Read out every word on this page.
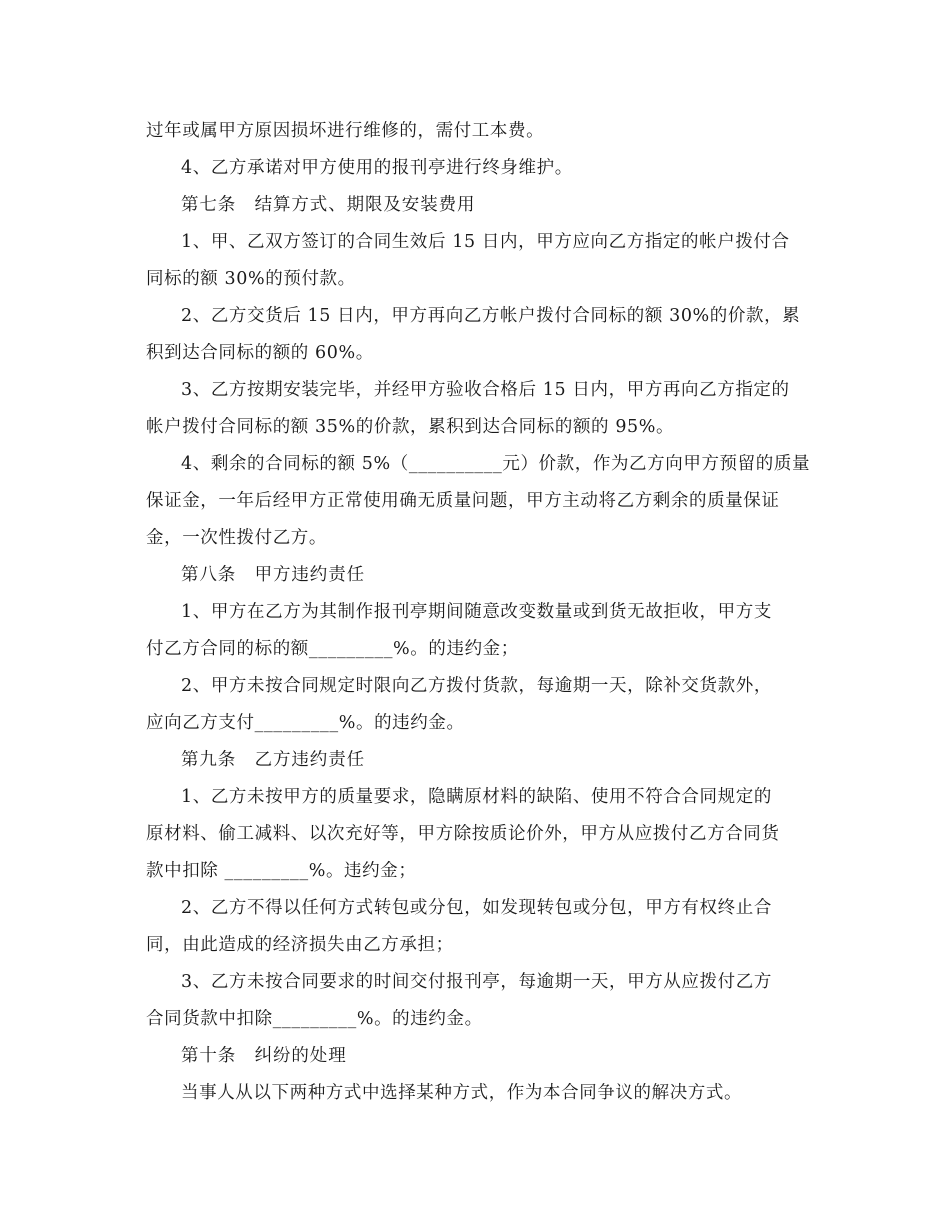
过年或属甲方原因损坏进行维修的，需付工本费。
4、乙方承诺对甲方使用的报刊亭进行终身维护。
第七条　结算方式、期限及安装费用
1、甲、乙双方签订的合同生效后 15 日内，甲方应向乙方指定的帐户拨付合
同标的额 30%的预付款。
2、乙方交货后 15 日内，甲方再向乙方帐户拨付合同标的额 30%的价款，累
积到达合同标的额的 60%。
3、乙方按期安装完毕，并经甲方验收合格后 15 日内，甲方再向乙方指定的
帐户拨付合同标的额 35%的价款，累积到达合同标的额的 95%。
4、剩余的合同标的额 5%（__________元）价款，作为乙方向甲方预留的质量
保证金，一年后经甲方正常使用确无质量问题，甲方主动将乙方剩余的质量保证
金，一次性拨付乙方。
第八条　甲方违约责任
1、甲方在乙方为其制作报刊亭期间随意改变数量或到货无故拒收，甲方支
付乙方合同的标的额_________%。的违约金；
2、甲方未按合同规定时限向乙方拨付货款，每逾期一天，除补交货款外，
应向乙方支付_________%。的违约金。
第九条　乙方违约责任
1、乙方未按甲方的质量要求，隐瞒原材料的缺陷、使用不符合合同规定的
原材料、偷工减料、以次充好等，甲方除按质论价外，甲方从应拨付乙方合同货
款中扣除 _________%。违约金；
2、乙方不得以任何方式转包或分包，如发现转包或分包，甲方有权终止合
同，由此造成的经济损失由乙方承担；
3、乙方未按合同要求的时间交付报刊亭，每逾期一天，甲方从应拨付乙方
合同货款中扣除_________%。的违约金。
第十条　纠纷的处理
当事人从以下两种方式中选择某种方式，作为本合同争议的解决方式。
